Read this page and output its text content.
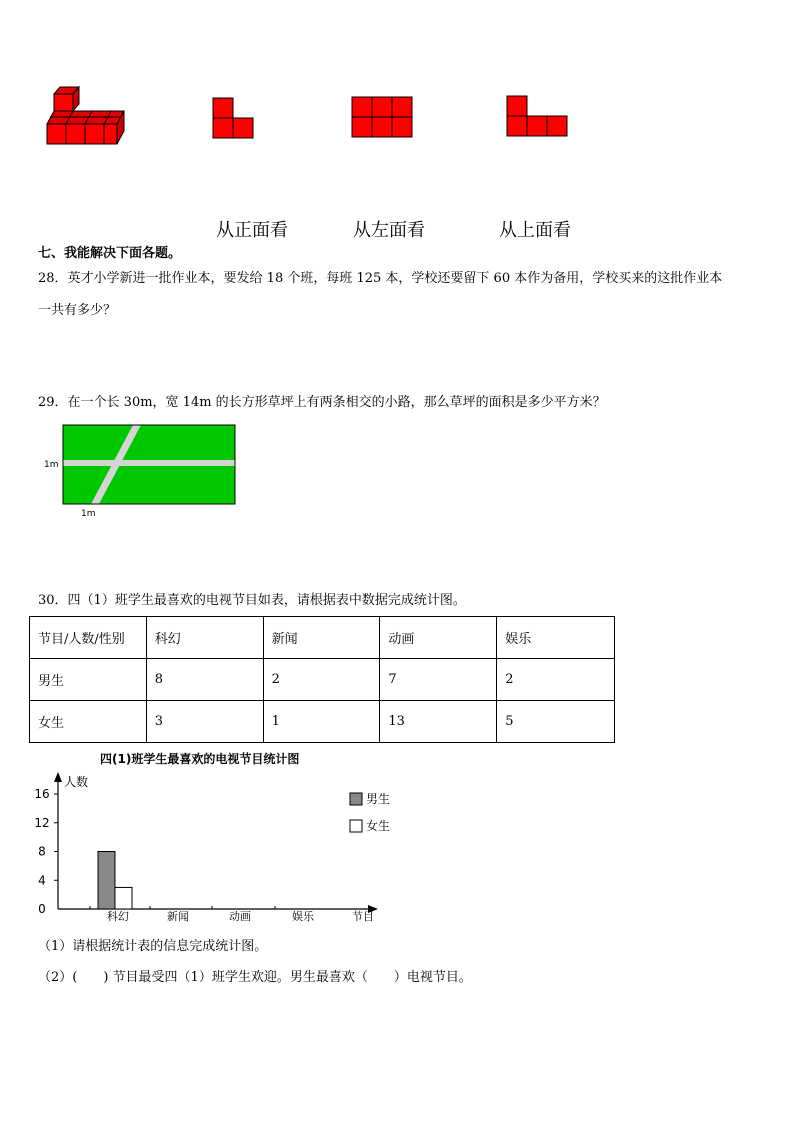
从正面看	从左面看	从上面看
七、我能解决下面各题。
28．英才小学新进一批作业本，要发给 18 个班，每班 125 本，学校还要留下 60 本作为备用，学校买来的这批作业本
一共有多少？
29．在一个长 30m，宽 14m 的长方形草坪上有两条相交的小路，那么草坪的面积是多少平方米？
1m
1m
30．四（1）班学生最喜欢的电视节目如表，请根据表中数据完成统计图。
节目/人数/性别	科幻	新闻	动画	娱乐
男生	8	2	7	2
女生	3	1	13	5
四(1)班学生最喜欢的电视节目统计图
人数
节目
男生
女生
0
4
8
12
16
科幻	新闻	动画	娱乐
（1）请根据统计表的信息完成统计图。
（2）(　　) 节目最受四（1）班学生欢迎。男生最喜欢（　　）电视节目。
